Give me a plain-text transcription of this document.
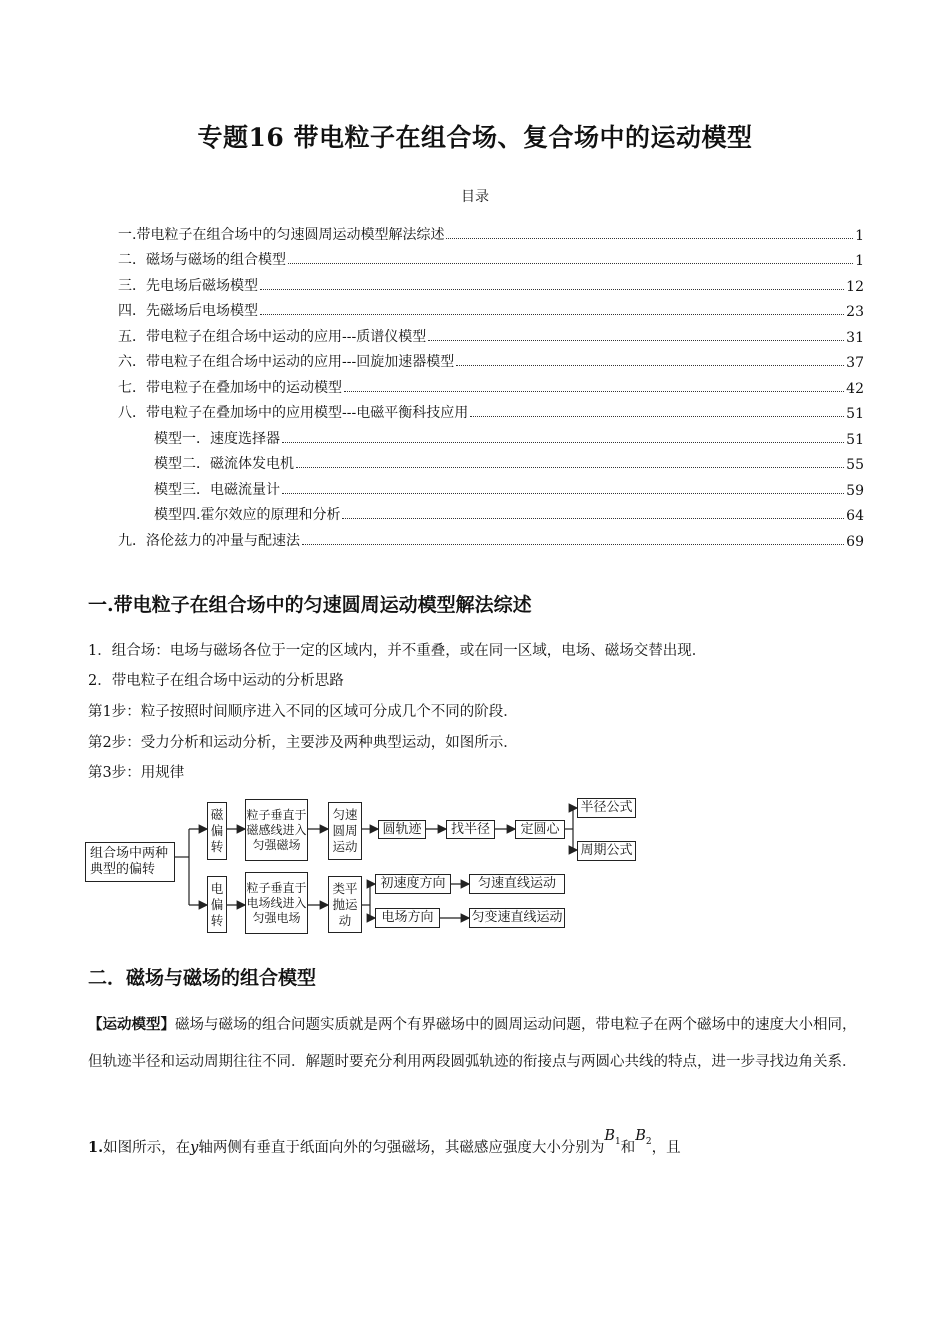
专题16 带电粒子在组合场、复合场中的运动模型
目录
一.带电粒子在组合场中的匀速圆周运动模型解法综述	1
二．磁场与磁场的组合模型	1
三．先电场后磁场模型	12
四．先磁场后电场模型	23
五．带电粒子在组合场中运动的应用---质谱仪模型	31
六．带电粒子在组合场中运动的应用---回旋加速器模型	37
七．带电粒子在叠加场中的运动模型	42
八．带电粒子在叠加场中的应用模型---电磁平衡科技应用	51
模型一．速度选择器	51
模型二．磁流体发电机	55
模型三．电磁流量计	59
模型四.霍尔效应的原理和分析	64
九．洛伦兹力的冲量与配速法	69
一.带电粒子在组合场中的匀速圆周运动模型解法综述

1．组合场：电场与磁场各位于一定的区域内，并不重叠，或在同一区域，电场、磁场交替出现．

2．带电粒子在组合场中运动的分析思路

第1步：粒子按照时间顺序进入不同的区域可分成几个不同的阶段．

第2步：受力分析和运动分析，主要涉及两种典型运动，如图所示．

第3步：用规律

组合场中两种典型的偏转
磁偏转
粒子垂直于磁感线进入匀强磁场
匀速圆周运动
圆轨迹	找半径	定圆心
半径公式
周期公式
电偏转
粒子垂直于电场线进入匀强电场
类平抛运动
初速度方向	匀速直线运动
电场方向	匀变速直线运动
二．磁场与磁场的组合模型

【运动模型】磁场与磁场的组合问题实质就是两个有界磁场中的圆周运动问题，带电粒子在两个磁场中的速度大小相同，但轨迹半径和运动周期往往不同．解题时要充分利用两段圆弧轨迹的衔接点与两圆心共线的特点，进一步寻找边角关系．

1.如图所示，在y轴两侧有垂直于纸面向外的匀强磁场，其磁感应强度大小分别为$B_1$和$B_2$，且
